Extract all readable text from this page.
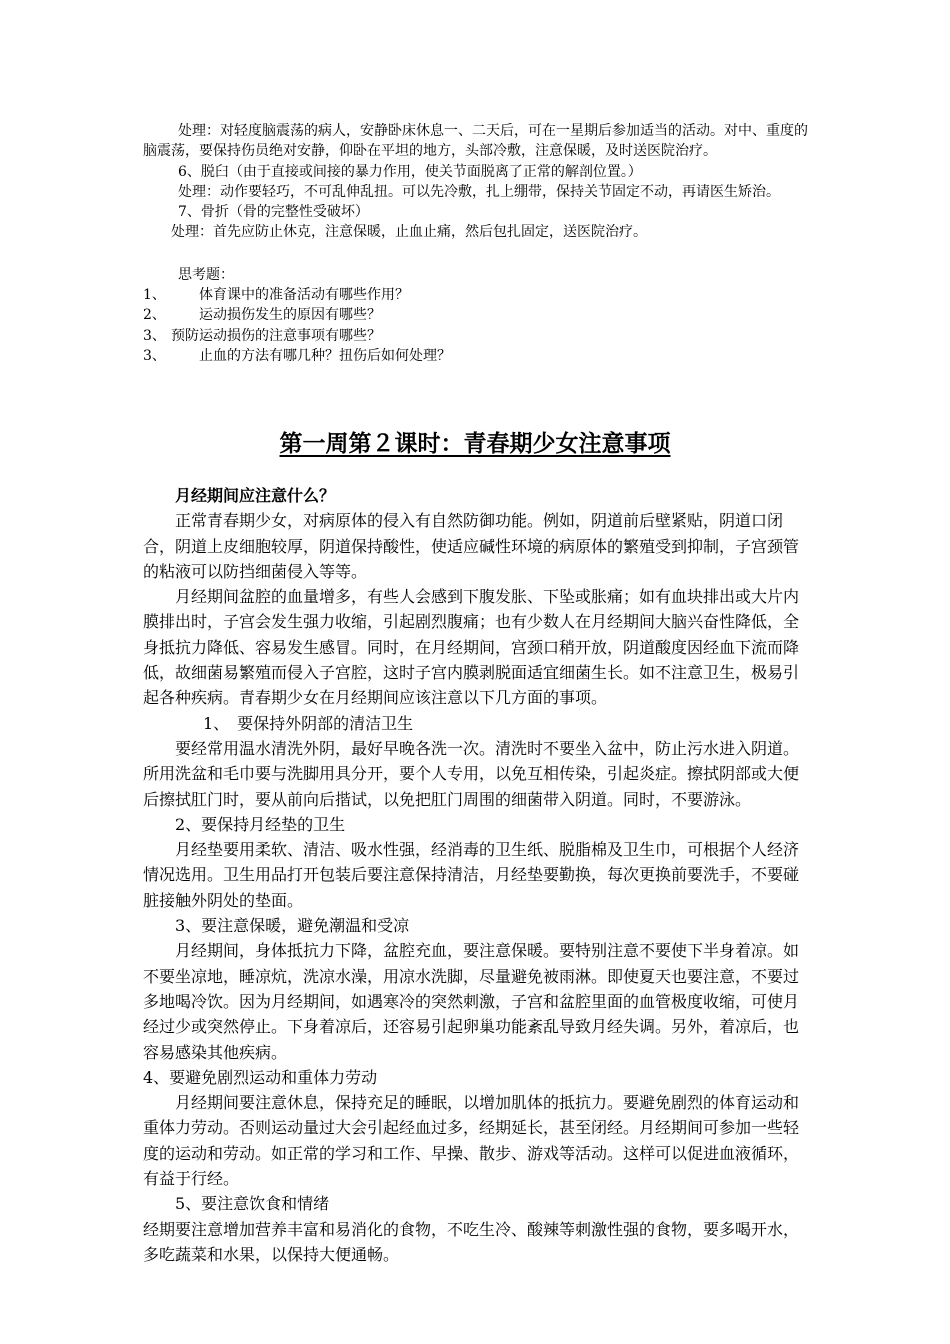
处理：对轻度脑震荡的病人，安静卧床休息一、二天后，可在一星期后参加适当的活动。对中、重度的脑震荡，要保持伤员绝对安静，仰卧在平坦的地方，头部冷敷，注意保暖，及时送医院治疗。

6、脱臼（由于直接或间接的暴力作用，使关节面脱离了正常的解剖位置。）

处理：动作要轻巧，不可乱伸乱扭。可以先冷敷，扎上绷带，保持关节固定不动，再请医生矫治。

7、骨折（骨的完整性受破坏）

处理：首先应防止休克，注意保暖，止血止痛，然后包扎固定，送医院治疗。

思考题：

1、	体育课中的准备活动有哪些作用？
2、	运动损伤发生的原因有哪些？
3、 预防运动损伤的注意事项有哪些？
3、	止血的方法有哪几种？扭伤后如何处理？
第一周第２课时：青春期少女注意事项

月经期间应注意什么？

正常青春期少女，对病原体的侵入有自然防御功能。例如，阴道前后壁紧贴，阴道口闭合，阴道上皮细胞较厚，阴道保持酸性，使适应碱性环境的病原体的繁殖受到抑制，子宫颈管的粘液可以防挡细菌侵入等等。

月经期间盆腔的血量增多，有些人会感到下腹发胀、下坠或胀痛；如有血块排出或大片内膜排出时，子宫会发生强力收缩，引起剧烈腹痛；也有少数人在月经期间大脑兴奋性降低，全身抵抗力降低、容易发生感冒。同时，在月经期间，宫颈口稍开放，阴道酸度因经血下流而降低，故细菌易繁殖而侵入子宫腔，这时子宫内膜剥脱面适宜细菌生长。如不注意卫生，极易引起各种疾病。青春期少女在月经期间应该注意以下几方面的事项。

1、　要保持外阴部的清洁卫生

要经常用温水清洗外阴，最好早晚各洗一次。清洗时不要坐入盆中，防止污水进入阴道。所用洗盆和毛巾要与洗脚用具分开，要个人专用，以免互相传染，引起炎症。擦拭阴部或大便后擦拭肛门时，要从前向后揩试，以免把肛门周围的细菌带入阴道。同时，不要游泳。

2、要保持月经垫的卫生

月经垫要用柔软、清洁、吸水性强，经消毒的卫生纸、脱脂棉及卫生巾，可根据个人经济情况选用。卫生用品打开包装后要注意保持清洁，月经垫要勤换，每次更换前要洗手，不要碰脏接触外阴处的垫面。

3、要注意保暖，避免潮温和受凉

月经期间，身体抵抗力下降，盆腔充血，要注意保暖。要特别注意不要使下半身着凉。如不要坐凉地，睡凉炕，洗凉水澡，用凉水洗脚，尽量避免被雨淋。即使夏天也要注意，不要过多地喝冷饮。因为月经期间，如遇寒冷的突然刺激，子宫和盆腔里面的血管极度收缩，可使月经过少或突然停止。下身着凉后，还容易引起卵巢功能紊乱导致月经失调。另外，着凉后，也容易感染其他疾病。

4、要避免剧烈运动和重体力劳动

月经期间要注意休息，保持充足的睡眠，以增加肌体的抵抗力。要避免剧烈的体育运动和重体力劳动。否则运动量过大会引起经血过多，经期延长，甚至闭经。月经期间可参加一些轻度的运动和劳动。如正常的学习和工作、早操、散步、游戏等活动。这样可以促进血液循环，有益于行经。

5、要注意饮食和情绪

经期要注意增加营养丰富和易消化的食物，不吃生冷、酸辣等刺激性强的食物，要多喝开水，多吃蔬菜和水果，以保持大便通畅。
